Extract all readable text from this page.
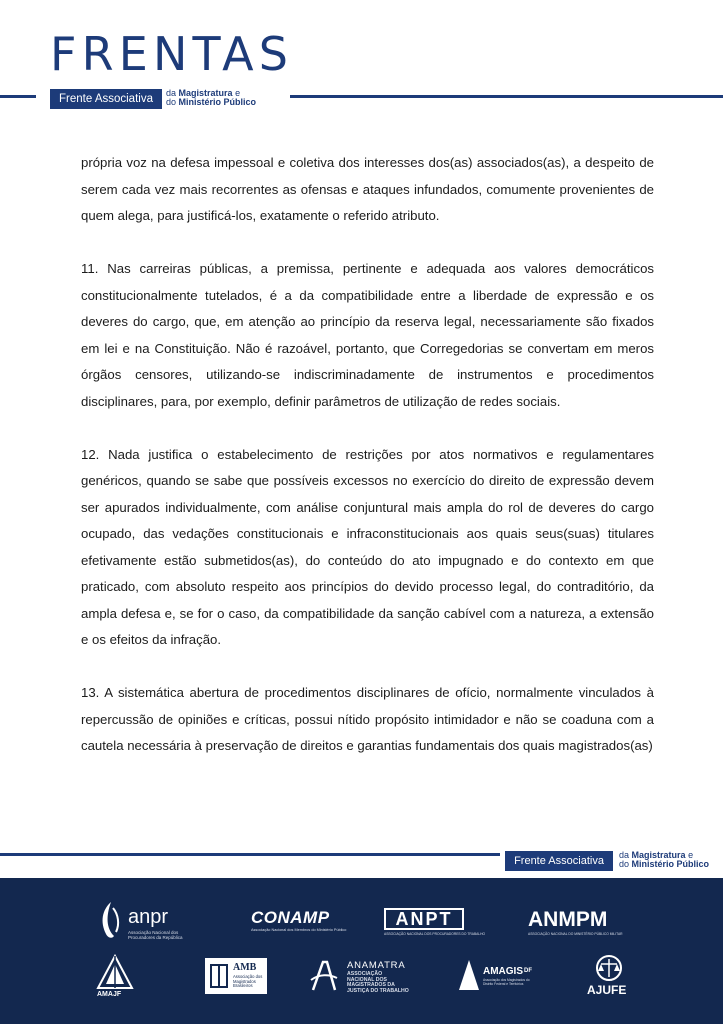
FRENTAS
Frente Associativa da Magistratura e
do Ministério Público

própria voz na defesa impessoal e coletiva dos interesses dos(as) associados(as), a despeito de serem cada vez mais recorrentes as ofensas e ataques infundados, comumente provenientes de quem alega, para justificá-los, exatamente o referido atributo.

11. Nas carreiras públicas, a premissa, pertinente e adequada aos valores democráticos constitucionalmente tutelados, é a da compatibilidade entre a liberdade de expressão e os deveres do cargo, que, em atenção ao princípio da reserva legal, necessariamente são fixados em lei e na Constituição. Não é razoável, portanto, que Corregedorias se convertam em meros órgãos censores, utilizando-se indiscriminadamente de instrumentos e procedimentos disciplinares, para, por exemplo, definir parâmetros de utilização de redes sociais.

12. Nada justifica o estabelecimento de restrições por atos normativos e regulamentares genéricos, quando se sabe que possíveis excessos no exercício do direito de expressão devem ser apurados individualmente, com análise conjuntural mais ampla do rol de deveres do cargo ocupado, das vedações constitucionais e infraconstitucionais aos quais seus(suas) titulares efetivamente estão submetidos(as), do conteúdo do ato impugnado e do contexto em que praticado, com absoluto respeito aos princípios do devido processo legal, do contraditório, da ampla defesa e, se for o caso, da compatibilidade da sanção cabível com a natureza, a extensão e os efeitos da infração.

13. A sistemática abertura de procedimentos disciplinares de ofício, normalmente vinculados à repercussão de opiniões e críticas, possui nítido propósito intimidador e não se coaduna com a cautela necessária à preservação de direitos e garantias fundamentais dos quais magistrados(as)

Frente Associativa da Magistratura e
do Ministério Público
anpr
Associação Nacional dos Procuradores da República
CONAMP
Associação Nacional dos Membros do Ministério Público
ANPT
ASSOCIAÇÃO NACIONAL DOS PROCURADORES DO TRABALHO
ANMPM
ASSOCIAÇÃO NACIONAL DO MINISTÉRIO PÚBLICO MILITAR
AMAJF
AMB
Associação dos Magistrados Brasileiros
ANAMATRA
ASSOCIAÇÃO NACIONAL DOS MAGISTRADOS DA JUSTIÇA DO TRABALHO
AMAGIS DF
Associação dos Magistrados do Distrito Federal e Territórios	AJUFE
